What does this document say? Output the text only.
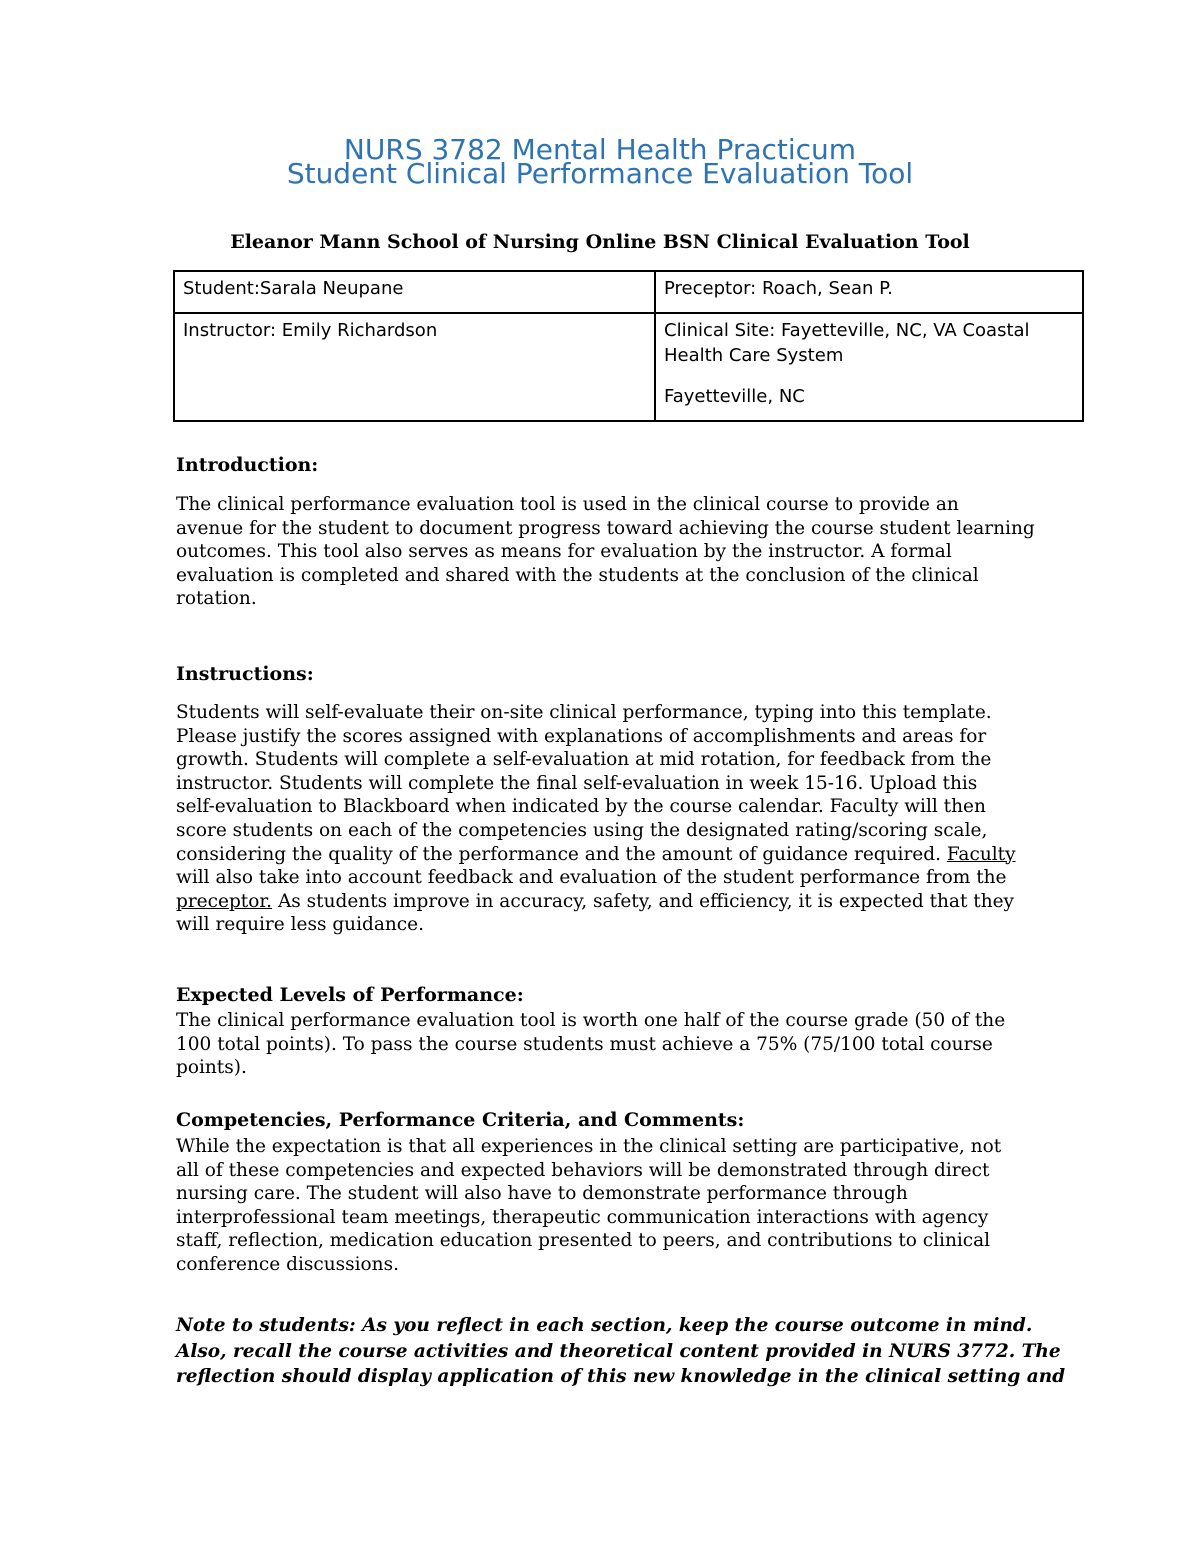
NURS 3782 Mental Health Practicum
Student Clinical Performance Evaluation Tool
Eleanor Mann School of Nursing Online BSN Clinical Evaluation Tool
Student:Sarala Neupane	Preceptor: Roach, Sean P.
Instructor: Emily Richardson	Clinical Site: Fayetteville, NC, VA Coastal
Health Care System
Fayetteville, NC
Introduction:
The clinical performance evaluation tool is used in the clinical course to provide an
avenue for the student to document progress toward achieving the course student learning
outcomes. This tool also serves as means for evaluation by the instructor. A formal
evaluation is completed and shared with the students at the conclusion of the clinical
rotation.
Instructions:
Students will self-evaluate their on-site clinical performance, typing into this template.
Please justify the scores assigned with explanations of accomplishments and areas for
growth. Students will complete a self-evaluation at mid rotation, for feedback from the
instructor. Students will complete the final self-evaluation in week 15-16. Upload this
self-evaluation to Blackboard when indicated by the course calendar. Faculty will then
score students on each of the competencies using the designated rating/scoring scale,
considering the quality of the performance and the amount of guidance required. Faculty
will also take into account feedback and evaluation of the student performance from the
preceptor. As students improve in accuracy, safety, and efficiency, it is expected that they
will require less guidance.
Expected Levels of Performance:
The clinical performance evaluation tool is worth one half of the course grade (50 of the
100 total points). To pass the course students must achieve a 75% (75/100 total course
points).
Competencies, Performance Criteria, and Comments:
While the expectation is that all experiences in the clinical setting are participative, not
all of these competencies and expected behaviors will be demonstrated through direct
nursing care. The student will also have to demonstrate performance through
interprofessional team meetings, therapeutic communication interactions with agency
staff, reflection, medication education presented to peers, and contributions to clinical
conference discussions.
Note to students: As you reflect in each section, keep the course outcome in mind.
Also, recall the course activities and theoretical content provided in NURS 3772. The
reflection should display application of this new knowledge in the clinical setting and
